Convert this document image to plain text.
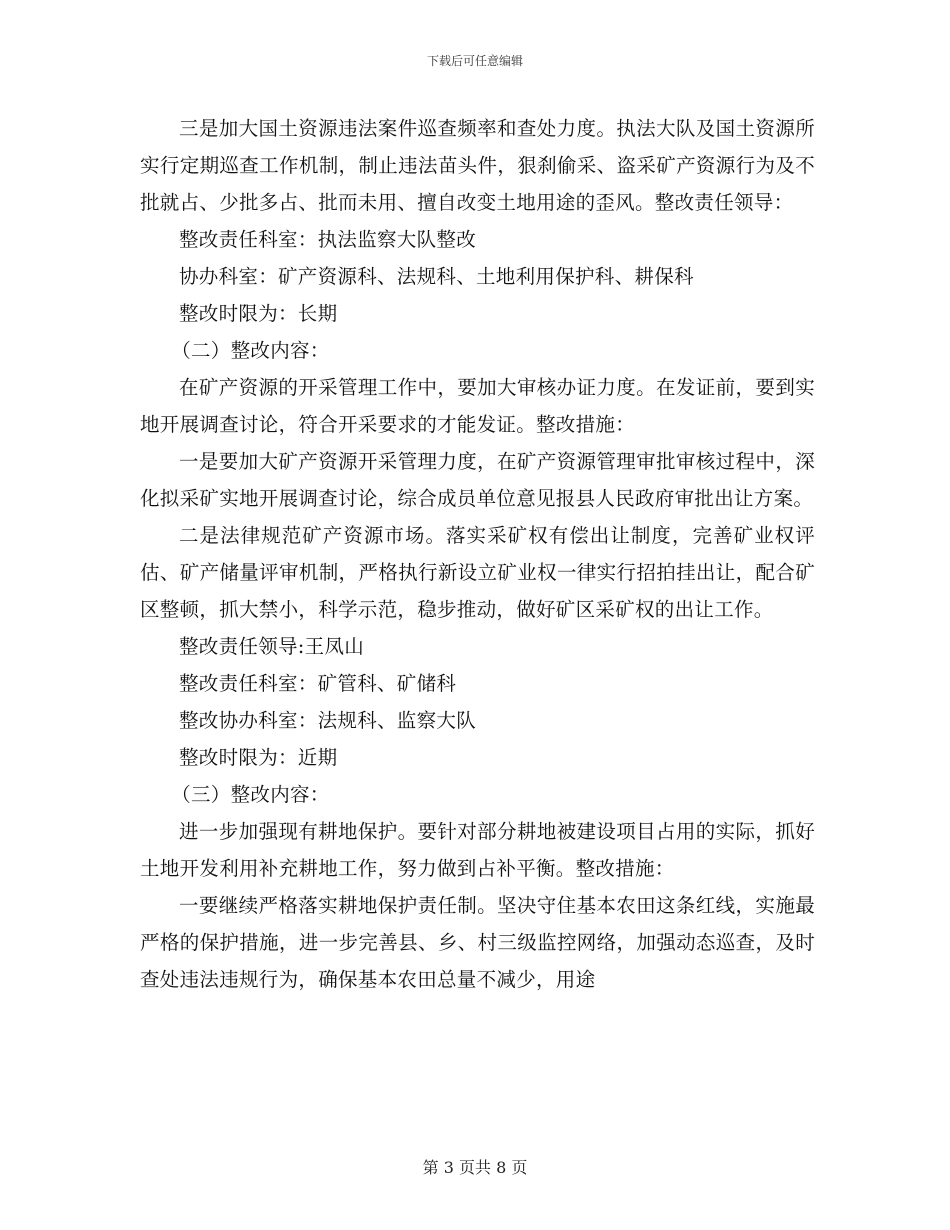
下载后可任意编辑

三是加大国土资源违法案件巡查频率和查处力度。执法大队及国土资源所实行定期巡查工作机制，制止违法苗头件，狠刹偷采、盗采矿产资源行为及不批就占、少批多占、批而未用、擅自改变土地用途的歪风。整改责任领导：

整改责任科室：执法监察大队整改

协办科室：矿产资源科、法规科、土地利用保护科、耕保科

整改时限为：长期

（二）整改内容：

在矿产资源的开采管理工作中，要加大审核办证力度。在发证前，要到实地开展调查讨论，符合开采要求的才能发证。整改措施：

一是要加大矿产资源开采管理力度，在矿产资源管理审批审核过程中，深化拟采矿实地开展调查讨论，综合成员单位意见报县人民政府审批出让方案。

二是法律规范矿产资源市场。落实采矿权有偿出让制度，完善矿业权评估、矿产储量评审机制，严格执行新设立矿业权一律实行招拍挂出让，配合矿区整顿，抓大禁小，科学示范，稳步推动，做好矿区采矿权的出让工作。

整改责任领导:王凤山

整改责任科室：矿管科、矿储科

整改协办科室：法规科、监察大队

整改时限为：近期

（三）整改内容：

进一步加强现有耕地保护。要针对部分耕地被建设项目占用的实际，抓好土地开发利用补充耕地工作，努力做到占补平衡。整改措施：

一要继续严格落实耕地保护责任制。坚决守住基本农田这条红线，实施最严格的保护措施，进一步完善县、乡、村三级监控网络，加强动态巡查，及时查处违法违规行为，确保基本农田总量不减少，用途

第 3 页共 8 页
